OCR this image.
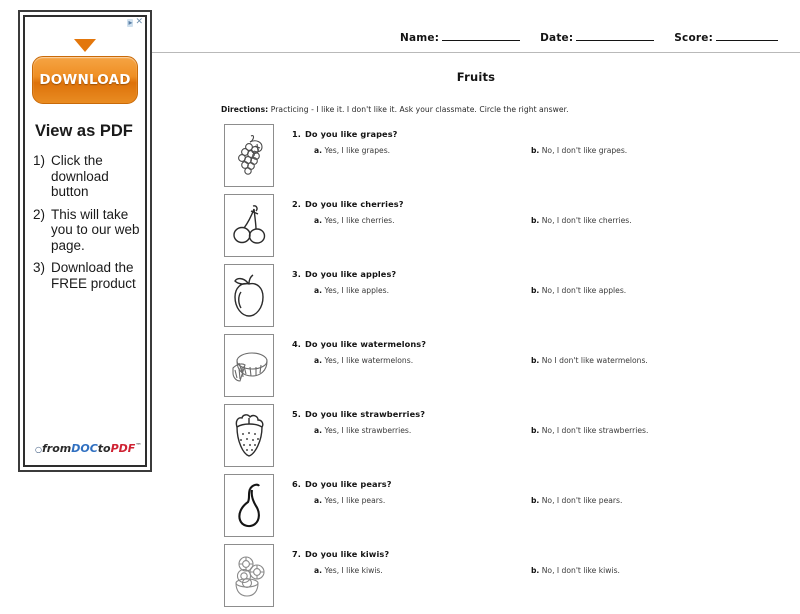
▸ ✕
DOWNLOAD
View as PDF
1) Click the download button
2) This will take you to our web page.
3) Download the FREE product
○fromDOCtoPDF™
Name:	Date:	Score:
Fruits
Directions: Practicing - I like it. I don't like it. Ask your classmate. Circle the right answer.
1. Do you like grapes?
a. Yes, I like grapes.	b. No, I don't like grapes.
2. Do you like cherries?
a. Yes, I like cherries.	b. No, I don't like cherries.
3. Do you like apples?
a. Yes, I like apples.	b. No, I don't like apples.
4. Do you like watermelons?
a. Yes, I like watermelons.	b. No I don't like watermelons.
5. Do you like strawberries?
a. Yes, I like strawberries.	b. No, I don't like strawberries.
6. Do you like pears?
a. Yes, I like pears.	b. No, I don't like pears.
7. Do you like kiwis?
a. Yes, I like kiwis.	b. No, I don't like kiwis.
